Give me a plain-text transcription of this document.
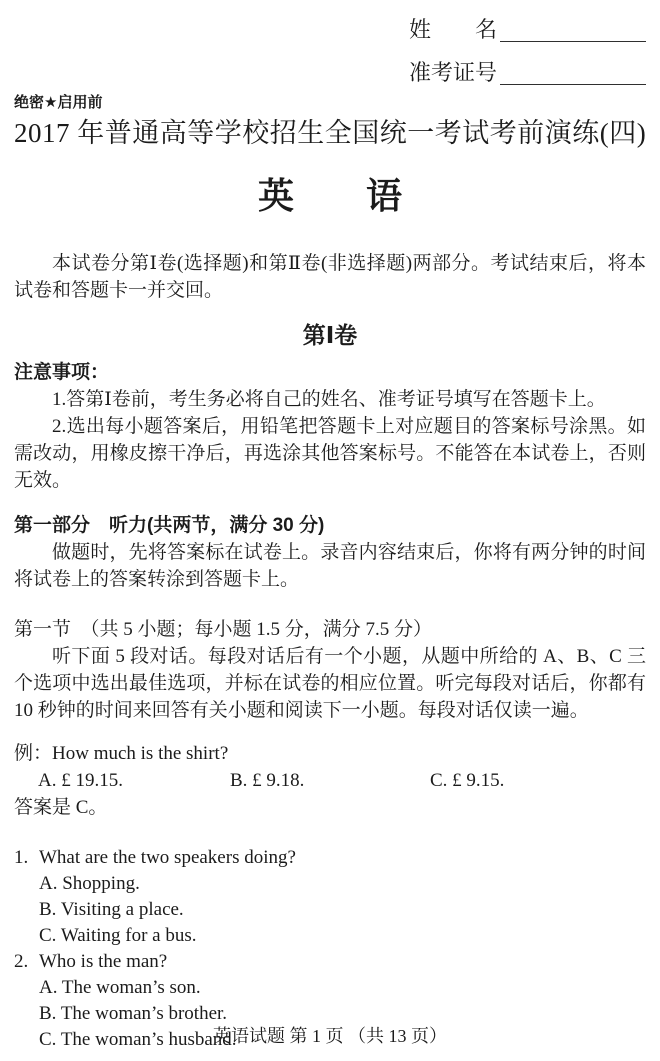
姓　　名
准考证号
绝密★启用前
2017 年普通高等学校招生全国统一考试考前演练(四)
英　　语

本试卷分第Ⅰ卷(选择题)和第Ⅱ卷(非选择题)两部分。考试结束后，将本试卷和答题卡一并交回。

第Ⅰ卷
注意事项：

1.答第Ⅰ卷前，考生务必将自己的姓名、准考证号填写在答题卡上。

2.选出每小题答案后，用铅笔把答题卡上对应题目的答案标号涂黑。如需改动，用橡皮擦干净后，再选涂其他答案标号。不能答在本试卷上，否则无效。

第一部分　听力(共两节，满分 30 分)

做题时，先将答案标在试卷上。录音内容结束后，你将有两分钟的时间将试卷上的答案转涂到答题卡上。

第一节　（共 5 小题；每小题 1.5 分，满分 7.5 分）

听下面 5 段对话。每段对话后有一个小题，从题中所给的 A、B、C 三个选项中选出最佳选项，并标在试卷的相应位置。听完每段对话后，你都有 10 秒钟的时间来回答有关小题和阅读下一小题。每段对话仅读一遍。

例：How much is the shirt?

A. £ 19.15.	B. £ 9.18.	C. £ 9.15.

答案是 C。

1. What are the two speakers doing?
A. Shopping.
B. Visiting a place.
C. Waiting for a bus.
2. Who is the man?
A. The woman’s son.
B. The woman’s brother.
C. The woman’s husband.
英语试题 第 1 页 （共 13 页）
